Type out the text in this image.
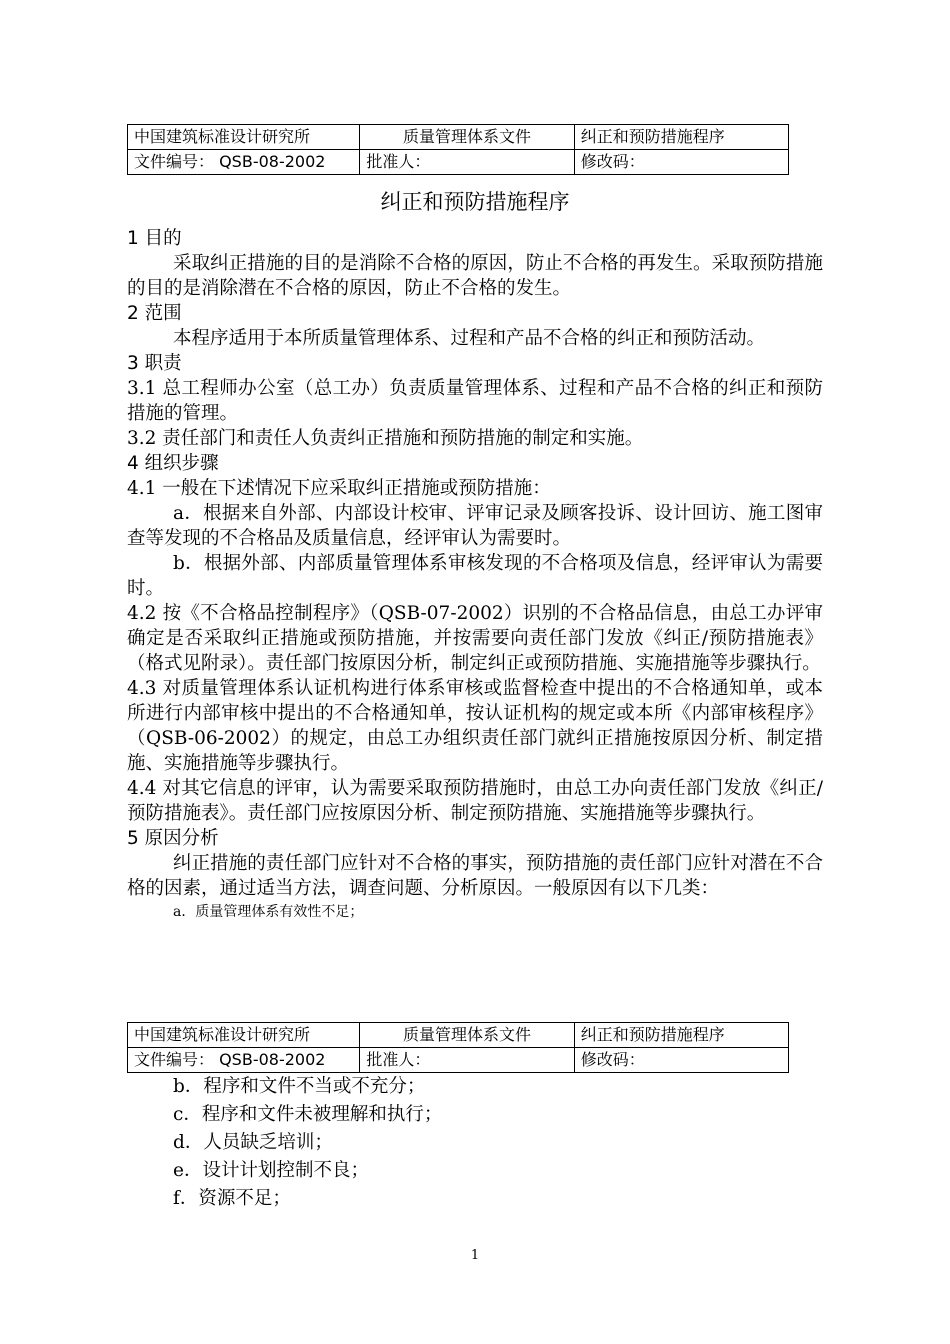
中国建筑标准设计研究所	质量管理体系文件	纠正和预防措施程序
文件编号： QSB-08-2002	批准人：	修改码：
纠正和预防措施程序

1 目的

采取纠正措施的目的是消除不合格的原因，防止不合格的再发生。采取预防措施的目的是消除潜在不合格的原因，防止不合格的发生。

2 范围

本程序适用于本所质量管理体系、过程和产品不合格的纠正和预防活动。

3 职责

3.1 总工程师办公室（总工办）负责质量管理体系、过程和产品不合格的纠正和预防措施的管理。

3.2 责任部门和责任人负责纠正措施和预防措施的制定和实施。

4 组织步骤

4.1 一般在下述情况下应采取纠正措施或预防措施：

a．根据来自外部、内部设计校审、评审记录及顾客投诉、设计回访、施工图审查等发现的不合格品及质量信息，经评审认为需要时。

b．根据外部、内部质量管理体系审核发现的不合格项及信息，经评审认为需要时。

4.2 按《不合格品控制程序》（QSB-07-2002）识别的不合格品信息，由总工办评审确定是否采取纠正措施或预防措施，并按需要向责任部门发放《纠正/预防措施表》（格式见附录）。责任部门按原因分析，制定纠正或预防措施、实施措施等步骤执行。

4.3 对质量管理体系认证机构进行体系审核或监督检查中提出的不合格通知单，或本所进行内部审核中提出的不合格通知单，按认证机构的规定或本所《内部审核程序》（QSB-06-2002）的规定，由总工办组织责任部门就纠正措施按原因分析、制定措施、实施措施等步骤执行。

4.4 对其它信息的评审，认为需要采取预防措施时，由总工办向责任部门发放《纠正/预防措施表》。责任部门应按原因分析、制定预防措施、实施措施等步骤执行。

5 原因分析

纠正措施的责任部门应针对不合格的事实，预防措施的责任部门应针对潜在不合格的因素，通过适当方法，调查问题、分析原因。一般原因有以下几类：

a．质量管理体系有效性不足；

中国建筑标准设计研究所	质量管理体系文件	纠正和预防措施程序
文件编号： QSB-08-2002	批准人：	修改码：

b．程序和文件不当或不充分；

c．程序和文件未被理解和执行；

d．人员缺乏培训；

e．设计计划控制不良；

f．资源不足；

1
